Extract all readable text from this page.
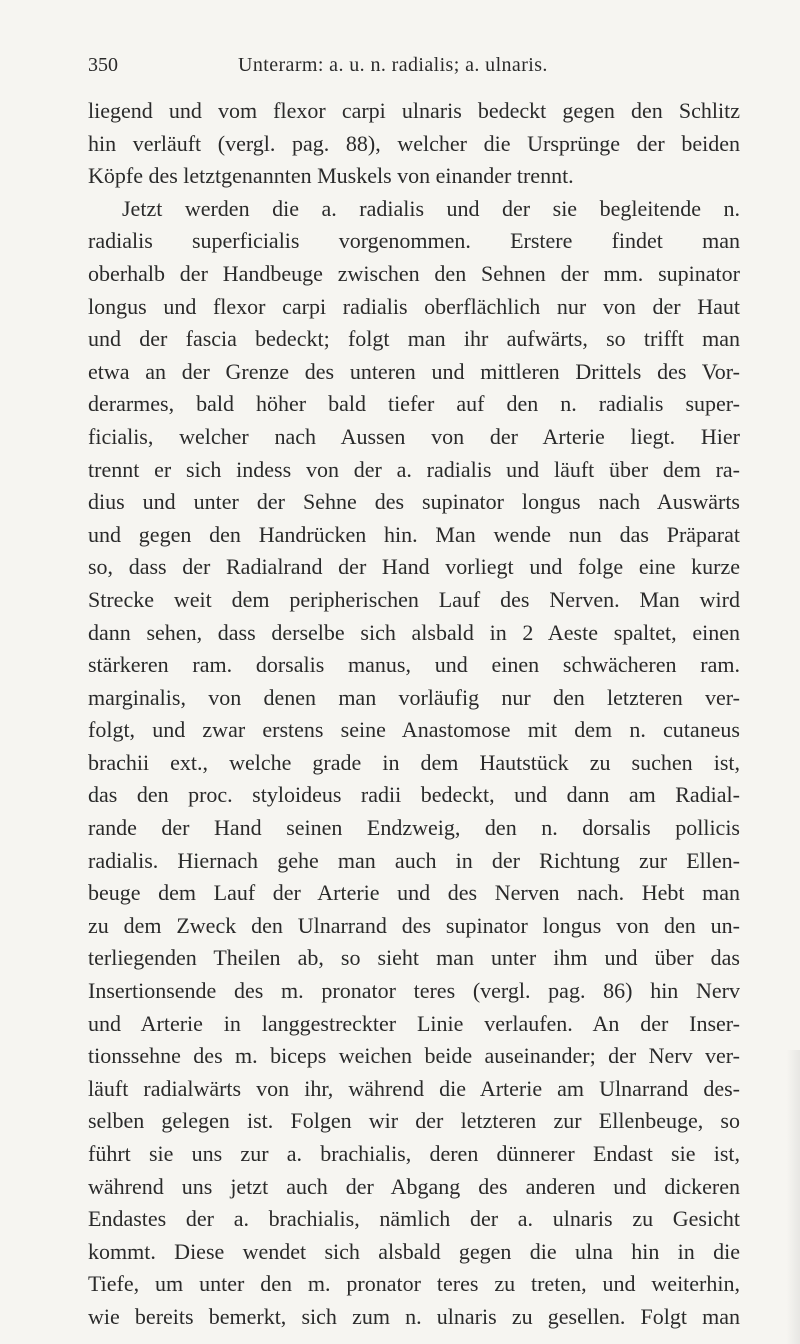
350	Unterarm: a. u. n. radialis; a. ulnaris.
liegend und vom flexor carpi ulnaris bedeckt gegen den Schlitz
hin verläuft (vergl. pag. 88), welcher die Ursprünge der beiden
Köpfe des letztgenannten Muskels von einander trennt.
Jetzt werden die a. radialis und der sie begleitende n.
radialis superficialis vorgenommen. Erstere findet man
oberhalb der Handbeuge zwischen den Sehnen der mm. supinator
longus und flexor carpi radialis oberflächlich nur von der Haut
und der fascia bedeckt; folgt man ihr aufwärts, so trifft man
etwa an der Grenze des unteren und mittleren Drittels des Vor-
derarmes, bald höher bald tiefer auf den n. radialis super-
ficialis, welcher nach Aussen von der Arterie liegt. Hier
trennt er sich indess von der a. radialis und läuft über dem ra-
dius und unter der Sehne des supinator longus nach Auswärts
und gegen den Handrücken hin. Man wende nun das Präparat
so, dass der Radialrand der Hand vorliegt und folge eine kurze
Strecke weit dem peripherischen Lauf des Nerven. Man wird
dann sehen, dass derselbe sich alsbald in 2 Aeste spaltet, einen
stärkeren ram. dorsalis manus, und einen schwächeren ram.
marginalis, von denen man vorläufig nur den letzteren ver-
folgt, und zwar erstens seine Anastomose mit dem n. cutaneus
brachii ext., welche grade in dem Hautstück zu suchen ist,
das den proc. styloideus radii bedeckt, und dann am Radial-
rande der Hand seinen Endzweig, den n. dorsalis pollicis
radialis. Hiernach gehe man auch in der Richtung zur Ellen-
beuge dem Lauf der Arterie und des Nerven nach. Hebt man
zu dem Zweck den Ulnarrand des supinator longus von den un-
terliegenden Theilen ab, so sieht man unter ihm und über das
Insertionsende des m. pronator teres (vergl. pag. 86) hin Nerv
und Arterie in langgestreckter Linie verlaufen. An der Inser-
tionssehne des m. biceps weichen beide auseinander; der Nerv ver-
läuft radialwärts von ihr, während die Arterie am Ulnarrand des-
selben gelegen ist. Folgen wir der letzteren zur Ellenbeuge, so
führt sie uns zur a. brachialis, deren dünnerer Endast sie ist,
während uns jetzt auch der Abgang des anderen und dickeren
Endastes der a. brachialis, nämlich der a. ulnaris zu Gesicht
kommt. Diese wendet sich alsbald gegen die ulna hin in die
Tiefe, um unter den m. pronator teres zu treten, und weiterhin,
wie bereits bemerkt, sich zum n. ulnaris zu gesellen. Folgt man
